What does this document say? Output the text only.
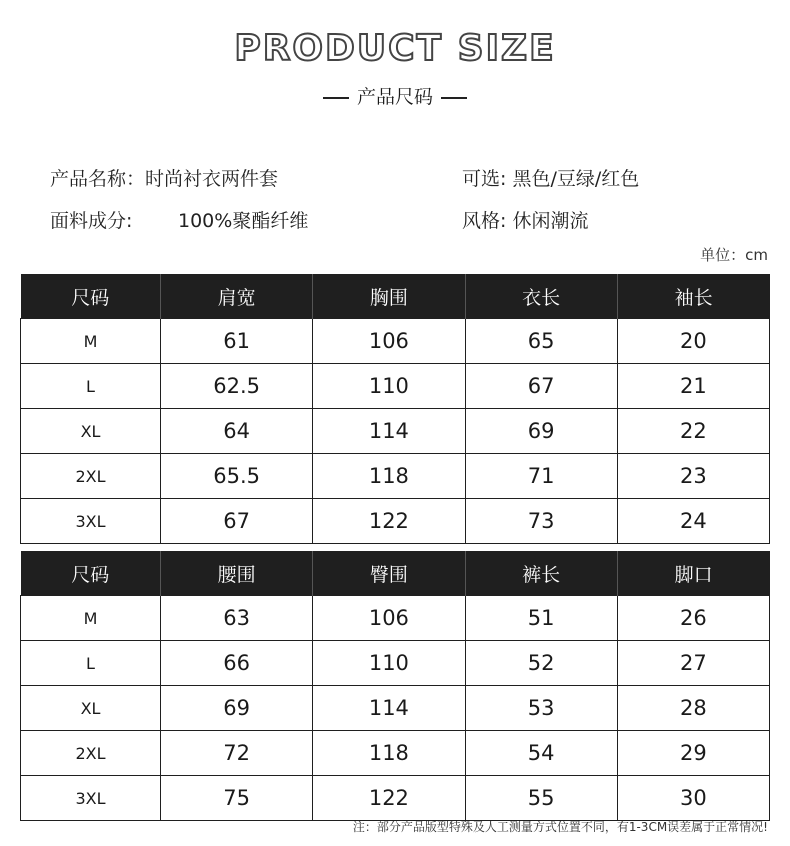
PRODUCT SIZE
产品尺码
产品名称：时尚衬衣两件套
面料成分: 100%聚酯纤维
可选: 黑色/豆绿/红色
风格: 休闲潮流
单位：cm
尺码	肩宽	胸围	衣长	袖长
M	61	106	65	20
L	62.5	110	67	21
XL	64	114	69	22
2XL	65.5	118	71	23
3XL	67	122	73	24
尺码	腰围	臀围	裤长	脚口
M	63	106	51	26
L	66	110	52	27
XL	69	114	53	28
2XL	72	118	54	29
3XL	75	122	55	30
注：部分产品版型特殊及人工测量方式位置不同，有1-3CM误差属于正常情况!
